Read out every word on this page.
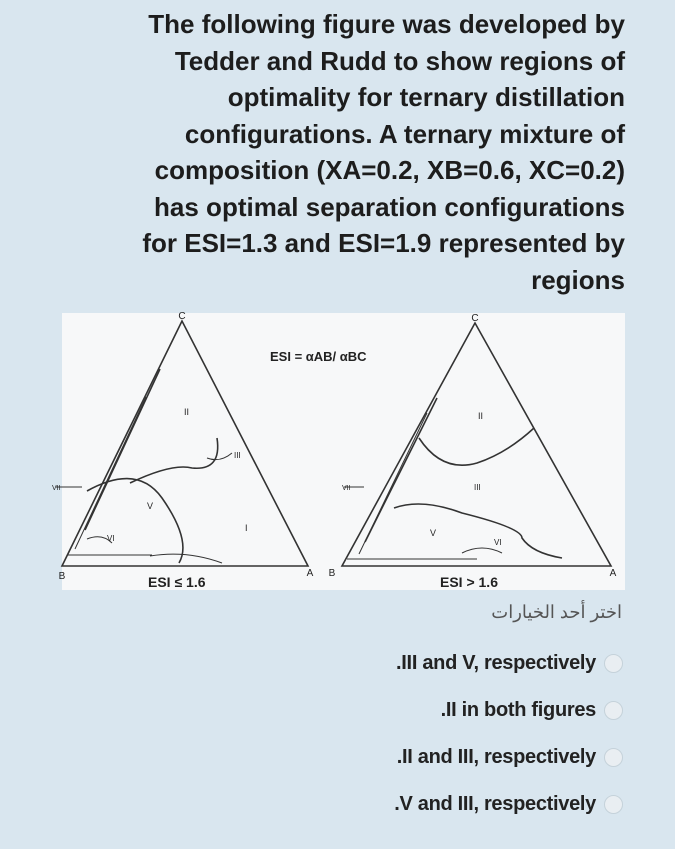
The following figure was developed by
Tedder and Rudd to show regions of
optimality for ternary distillation
configurations. A ternary mixture of
composition (XA=0.2, XB=0.6, XC=0.2)
has optimal separation configurations
for ESI=1.3 and ESI=1.9 represented by
regions
C
B	A
C
B	A
II
III
V
VI
I
VII
II
III
V
VI
VII
ESI = αAB/ αBC
ESI ≤ 1.6	ESI > 1.6
اختر أحد الخيارات
.III and V, respectively
.II in both figures
.II and III, respectively
.V and III, respectively
